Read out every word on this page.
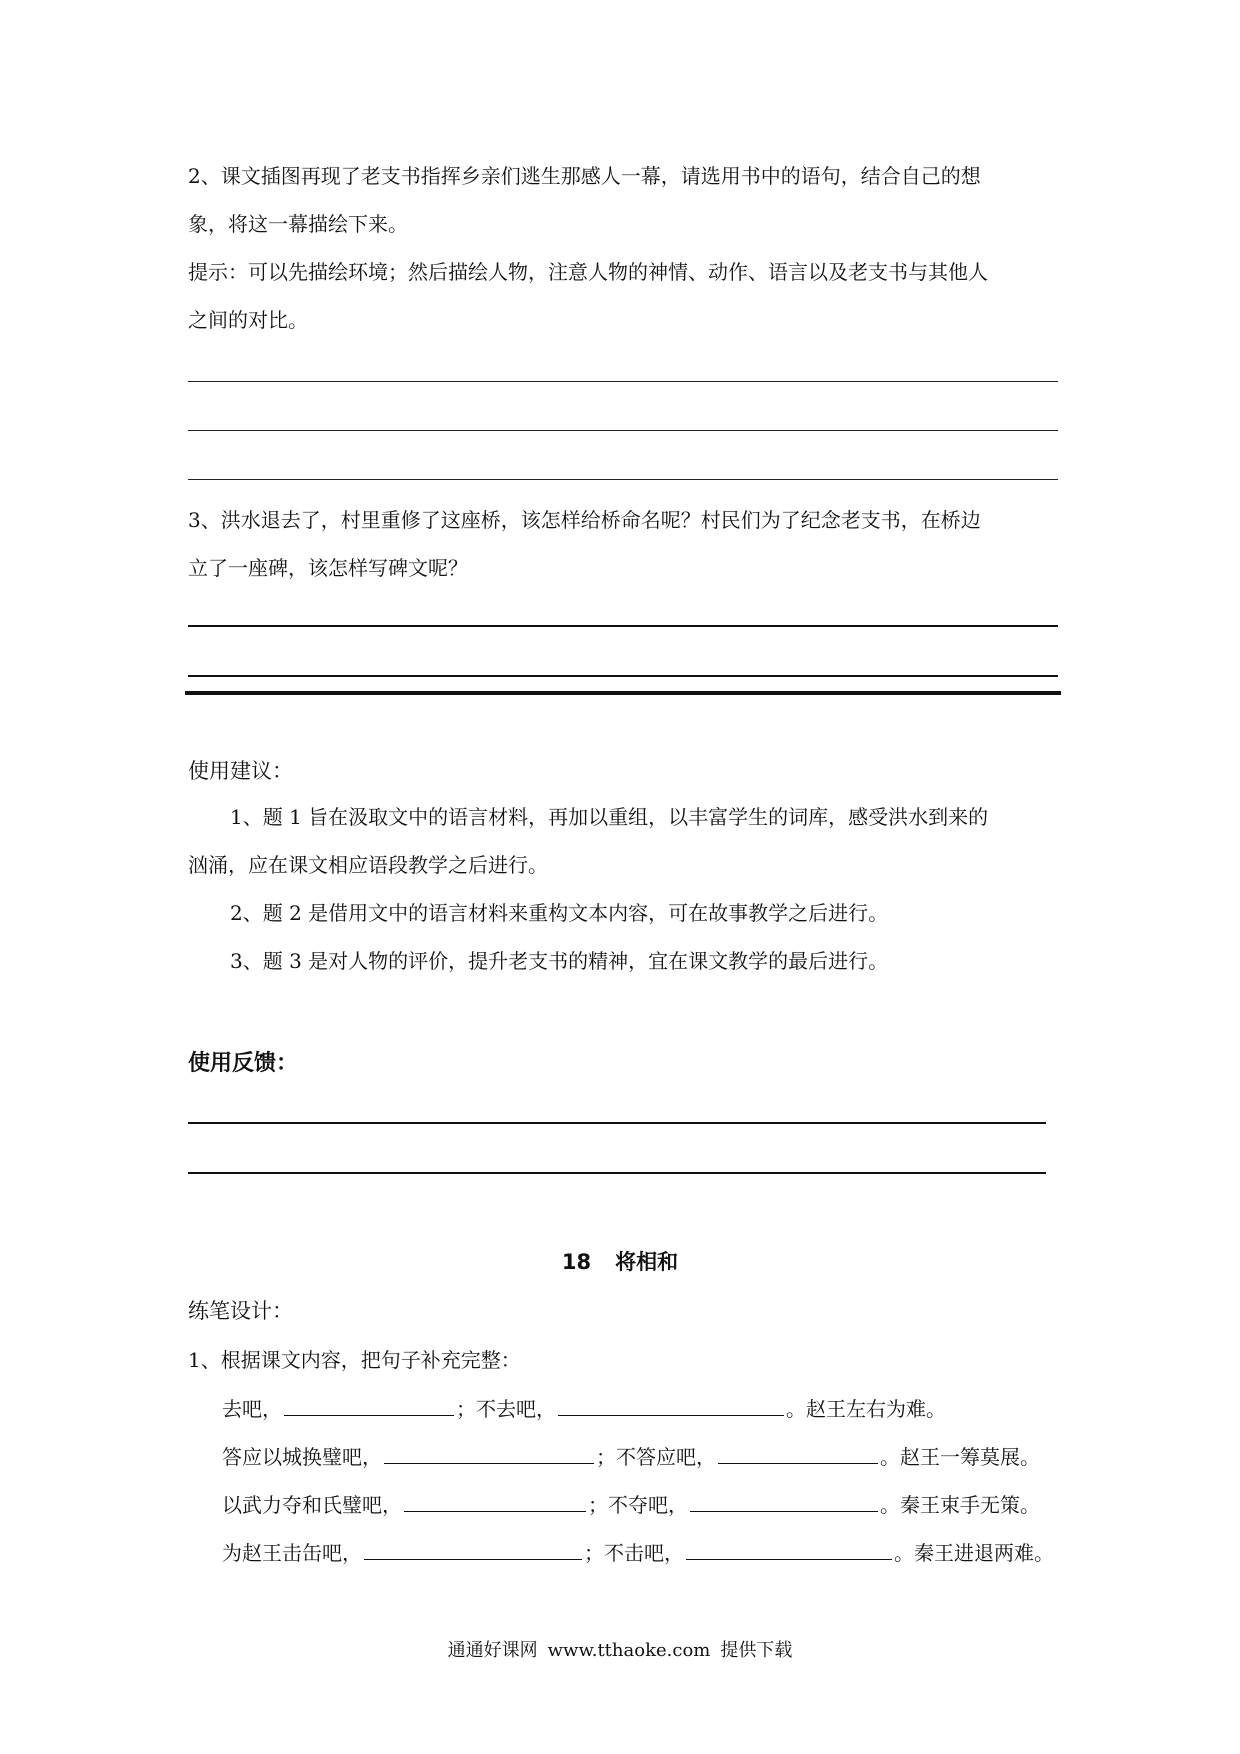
2、课文插图再现了老支书指挥乡亲们逃生那感人一幕，请选用书中的语句，结合自己的想

象，将这一幕描绘下来。

提示：可以先描绘环境；然后描绘人物，注意人物的神情、动作、语言以及老支书与其他人

之间的对比。

3、洪水退去了，村里重修了这座桥，该怎样给桥命名呢？村民们为了纪念老支书，在桥边

立了一座碑，该怎样写碑文呢？

使用建议：

1、题 1 旨在汲取文中的语言材料，再加以重组，以丰富学生的词库，感受洪水到来的

汹涌，应在课文相应语段教学之后进行。

2、题 2 是借用文中的语言材料来重构文本内容，可在故事教学之后进行。

3、题 3 是对人物的评价，提升老支书的精神，宜在课文教学的最后进行。

使用反馈：
18 将相和
练笔设计：
1、根据课文内容，把句子补充完整：
去吧，	；不去吧，	。赵王左右为难。
答应以城换璧吧，	；不答应吧，	。赵王一筹莫展。
以武力夺和氏璧吧，	；不夺吧，	。秦王束手无策。
为赵王击缶吧，	；不击吧，	。秦王进退两难。
通通好课网 www.tthaoke.com 提供下载
